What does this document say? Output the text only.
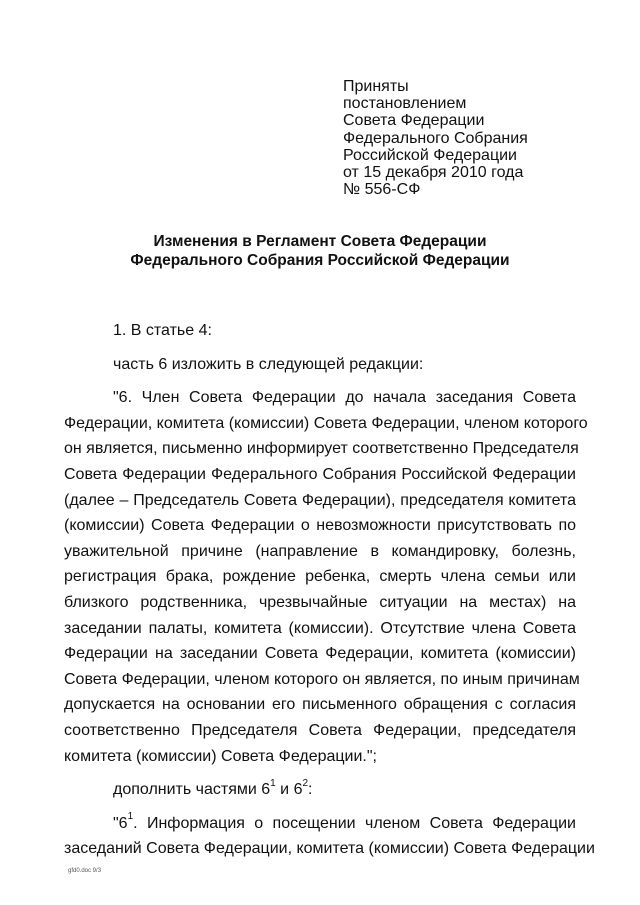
Приняты
постановлением
Совета Федерации
Федерального Собрания
Российской Федерации
от 15 декабря 2010 года
№ 556-СФ
Изменения в Регламент Совета Федерации
Федерального Собрания Российской Федерации
1. В статье 4:
часть 6 изложить в следующей редакции:
"6. Член Совета Федерации до начала заседания Совета
Федерации, комитета (комиссии) Совета Федерации, членом которого
он является, письменно информирует соответственно Председателя
Совета Федерации Федерального Собрания Российской Федерации
(далее – Председатель Совета Федерации), председателя комитета
(комиссии) Совета Федерации о невозможности присутствовать по
уважительной причине (направление в командировку, болезнь,
регистрация брака, рождение ребенка, смерть члена семьи или
близкого родственника, чрезвычайные ситуации на местах) на
заседании палаты, комитета (комиссии). Отсутствие члена Совета
Федерации на заседании Совета Федерации, комитета (комиссии)
Совета Федерации, членом которого он является, по иным причинам
допускается на основании его письменного обращения с согласия
соответственно Председателя Совета Федерации, председателя
комитета (комиссии) Совета Федерации.";
дополнить частями $6^1$ и $6^2$:
"$6^1$. Информация о посещении членом Совета Федерации
заседаний Совета Федерации, комитета (комиссии) Совета Федерации
gfd0.doc 9/3
